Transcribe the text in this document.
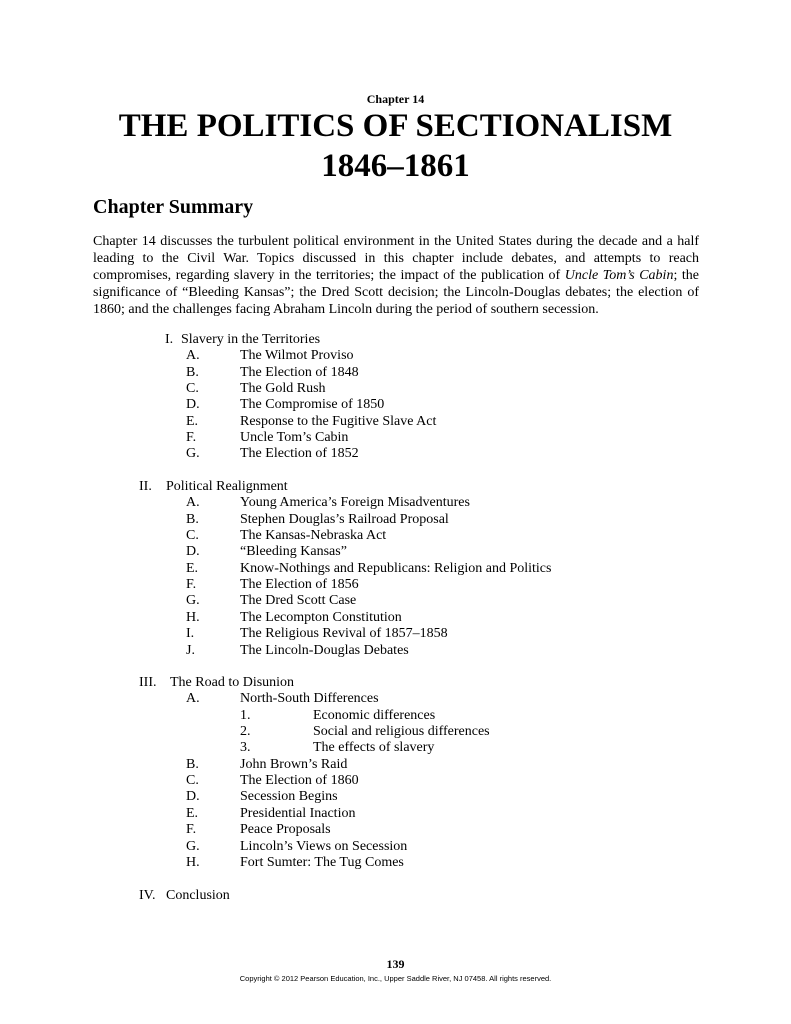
Chapter 14
THE POLITICS OF SECTIONALISM
1846–1861
Chapter Summary

Chapter 14 discusses the turbulent political environment in the United States during the decade and a half leading to the Civil War. Topics discussed in this chapter include debates, and attempts to reach compromises, regarding slavery in the territories; the impact of the publication of Uncle Tom’s Cabin; the significance of “Bleeding Kansas”; the Dred Scott decision; the Lincoln-Douglas debates; the election of 1860; and the challenges facing Abraham Lincoln during the period of southern secession.

I. Slavery in the Territories
A.	The Wilmot Proviso
B.	The Election of 1848
C.	The Gold Rush
D.	The Compromise of 1850
E.	Response to the Fugitive Slave Act
F.	Uncle Tom’s Cabin
G.	The Election of 1852
II. Political Realignment
A.	Young America’s Foreign Misadventures
B.	Stephen Douglas’s Railroad Proposal
C.	The Kansas-Nebraska Act
D.	“Bleeding Kansas”
E.	Know-Nothings and Republicans: Religion and Politics
F.	The Election of 1856
G.	The Dred Scott Case
H.	The Lecompton Constitution
I.	The Religious Revival of 1857–1858
J.	The Lincoln-Douglas Debates
III. The Road to Disunion
A.	North-South Differences
1.	Economic differences
2.	Social and religious differences
3.	The effects of slavery
B.	John Brown’s Raid
C.	The Election of 1860
D.	Secession Begins
E.	Presidential Inaction
F.	Peace Proposals
G.	Lincoln’s Views on Secession
H.	Fort Sumter: The Tug Comes
IV. Conclusion
139
Copyright © 2012 Pearson Education, Inc., Upper Saddle River, NJ 07458. All rights reserved.
